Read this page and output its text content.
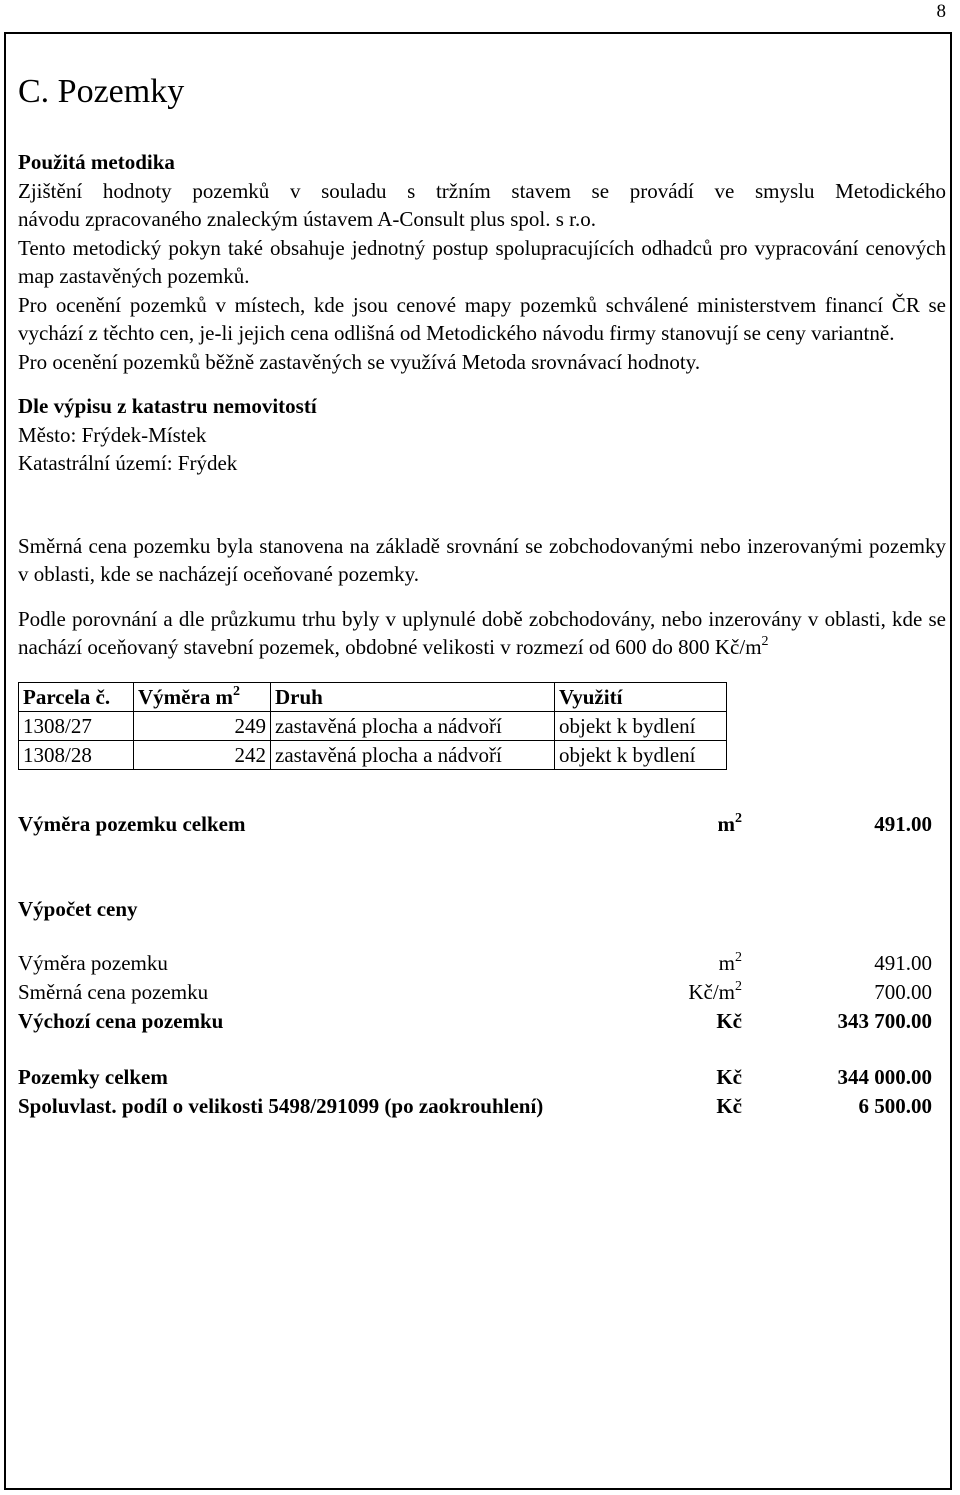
8
C. Pozemky

Použitá metodika

Zjištění hodnoty pozemků v souladu s tržním stavem se provádí ve smyslu Metodického

návodu zpracovaného znaleckým ústavem A-Consult plus spol. s r.o.

Tento metodický pokyn také obsahuje jednotný postup spolupracujících odhadců pro vypracování cenových map zastavěných pozemků.

Pro ocenění pozemků v místech, kde jsou cenové mapy pozemků schválené ministerstvem financí ČR se vychází z těchto cen, je-li jejich cena odlišná od Metodického návodu firmy stanovují se ceny variantně.

Pro ocenění pozemků běžně zastavěných se využívá Metoda srovnávací hodnoty.

Dle výpisu z katastru nemovitostí

Město: Frýdek-Místek

Katastrální území: Frýdek

Směrná cena pozemku byla stanovena na základě srovnání se zobchodovanými nebo inzerovanými pozemky v oblasti, kde se nacházejí oceňované pozemky.

Podle porovnání a dle průzkumu trhu byly v uplynulé době zobchodovány, nebo inzerovány v oblasti, kde se nachází oceňovaný stavební pozemek, obdobné velikosti v rozmezí od 600 do 800 $Kč/m^2$

Parcela č.	Výměra $m^2$	Druh	Využití
1308/27	249	zastavěná plocha a nádvoří	objekt k bydlení
1308/28	242	zastavěná plocha a nádvoří	objekt k bydlení
Výměra pozemku celkem	$m^2$	491.00

Výpočet ceny

Výměra pozemku	$m^2$	491.00
Směrná cena pozemku	$Kč/m^2$	700.00
Výchozí cena pozemku	Kč	343 700.00
Pozemky celkem	Kč	344 000.00
Spoluvlast. podíl o velikosti 5498/291099 (po zaokrouhlení)	Kč	6 500.00
